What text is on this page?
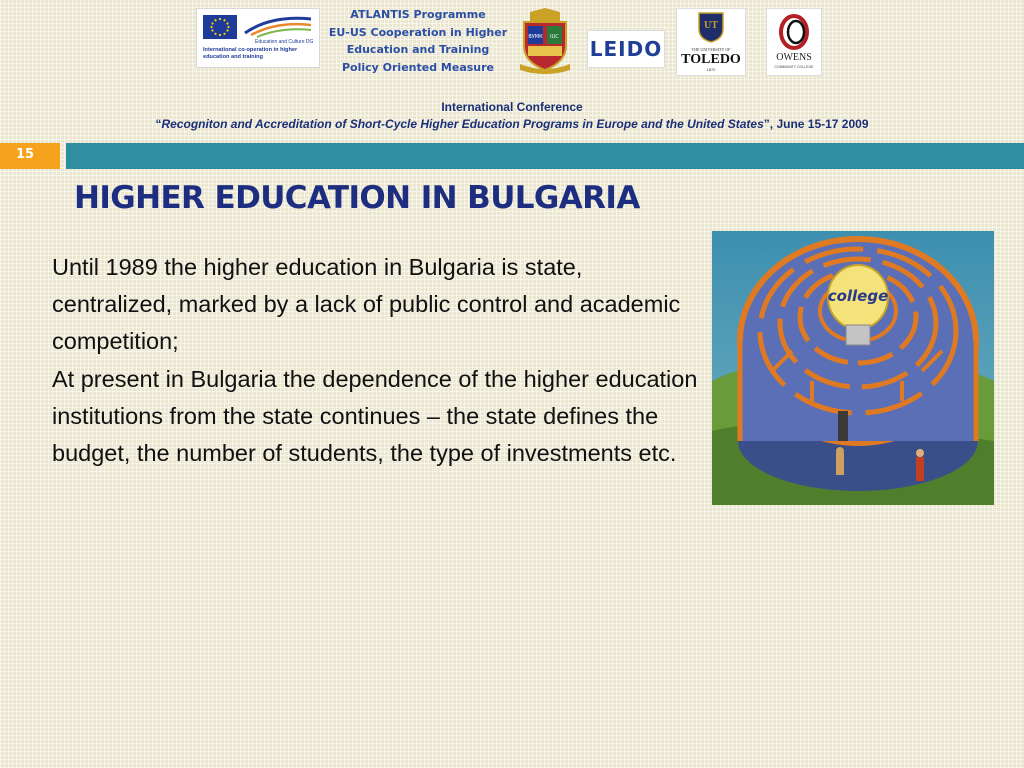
Education and Culture DG
International co-operation in higher education and training
ATLANTIS Programme
EU-US Cooperation in Higher
Education and Training
Policy Oriented Measure
ВУМК IUC LEIDO
UT
THE UNIVERSITY OF
TOLEDO
1872
OWENS
COMMUNITY COLLEGE
International Conference
“Recogniton and Accreditation of Short-Cycle Higher Education Programs in Europe and the United States”, June 15-17 2009
15
HIGHER EDUCATION IN BULGARIA

Until 1989 the higher education in Bulgaria is state, centralized, marked by a lack of public control and academic competition;

At present in Bulgaria the dependence of the higher education institutions from the state continues – the state defines the budget, the number of students, the type of investments etc.

college
